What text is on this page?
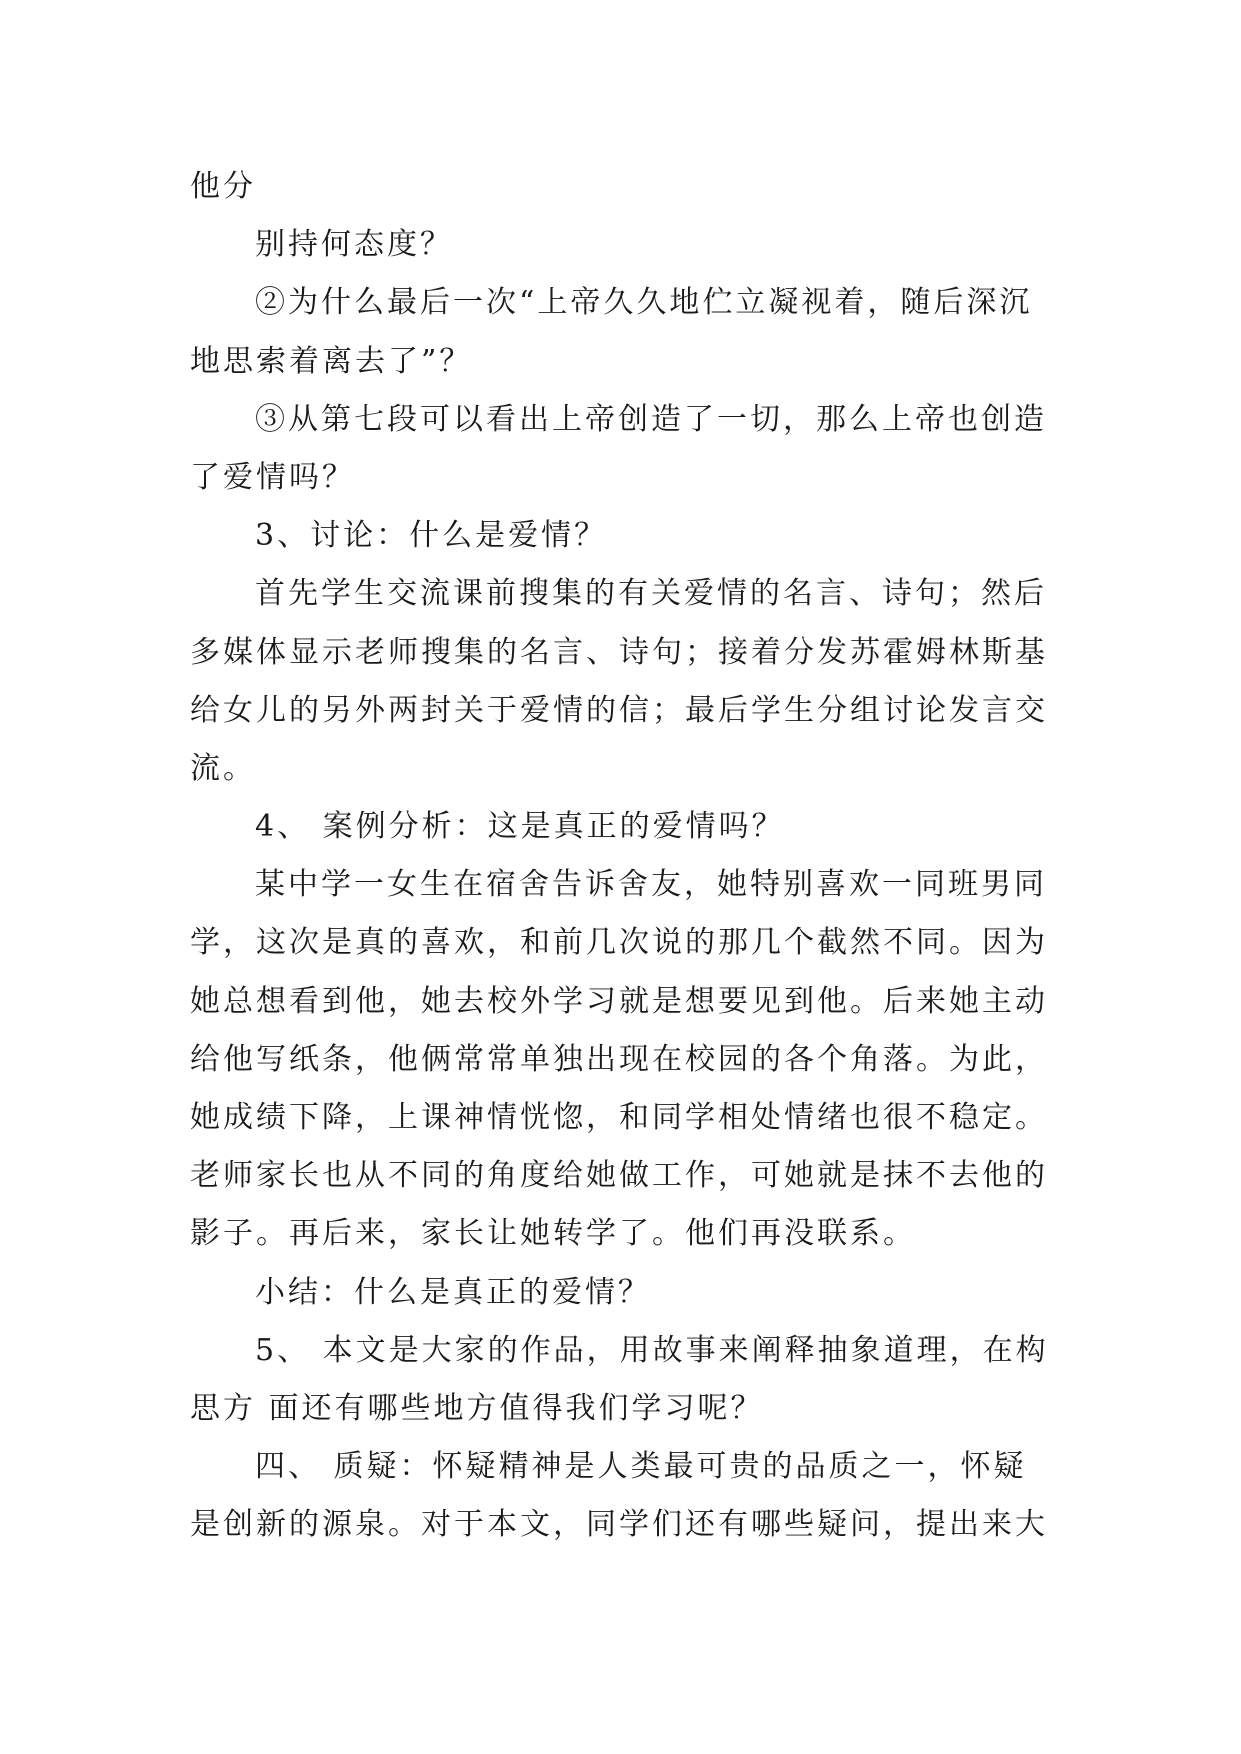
他分
别持何态度？
②为什么最后一次“上帝久久地伫立凝视着，随后深沉
地思索着离去了”？
③从第七段可以看出上帝创造了一切，那么上帝也创造
了爱情吗？
3、讨论：什么是爱情？
首先学生交流课前搜集的有关爱情的名言、诗句；然后
多媒体显示老师搜集的名言、诗句；接着分发苏霍姆林斯基
给女儿的另外两封关于爱情的信；最后学生分组讨论发言交
流。
4、 案例分析：这是真正的爱情吗？
某中学一女生在宿舍告诉舍友，她特别喜欢一同班男同
学，这次是真的喜欢，和前几次说的那几个截然不同。因为
她总想看到他，她去校外学习就是想要见到他。后来她主动
给他写纸条，他俩常常单独出现在校园的各个角落。为此，
她成绩下降，上课神情恍惚，和同学相处情绪也很不稳定。
老师家长也从不同的角度给她做工作，可她就是抹不去他的
影子。再后来，家长让她转学了。他们再没联系。
小结：什么是真正的爱情？
5、 本文是大家的作品，用故事来阐释抽象道理，在构
思方 面还有哪些地方值得我们学习呢？
四、 质疑：怀疑精神是人类最可贵的品质之一，怀疑
是创新的源泉。对于本文，同学们还有哪些疑问，提出来大
